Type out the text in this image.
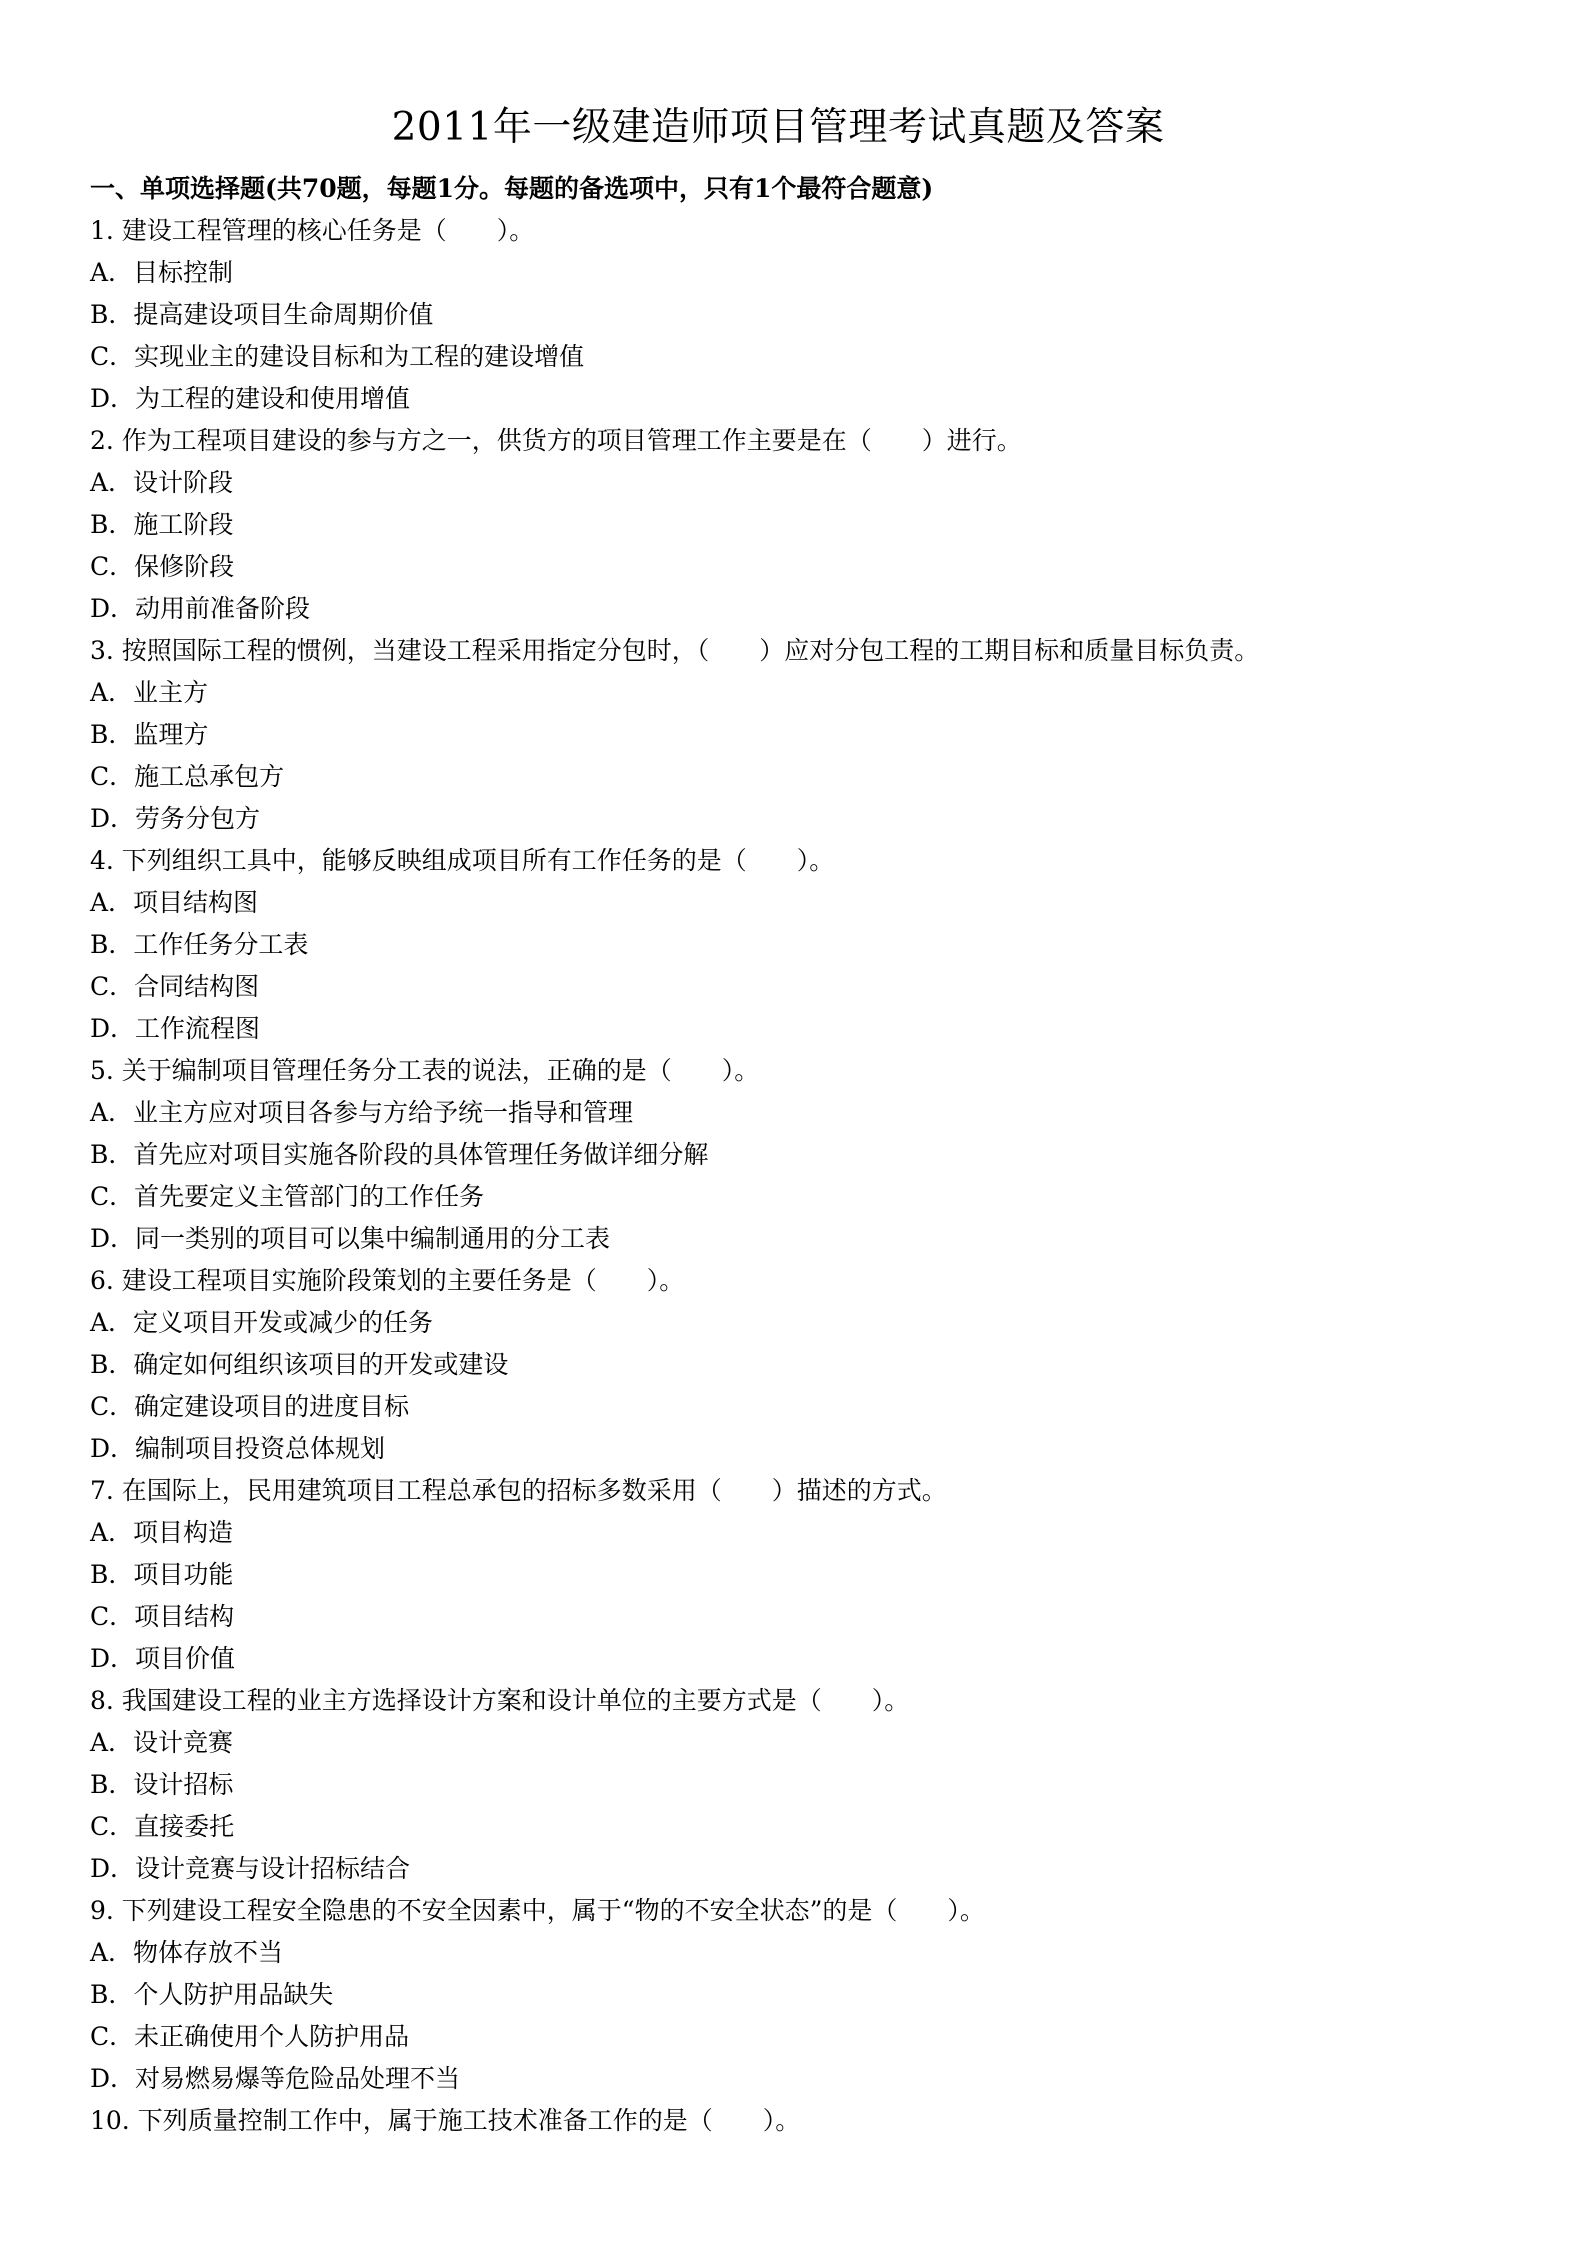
2011年一级建造师项目管理考试真题及答案
一、单项选择题(共70题，每题1分。每题的备选项中，只有1个最符合题意)
1. 建设工程管理的核心任务是（　　）。
A．目标控制
B．提高建设项目生命周期价值
C．实现业主的建设目标和为工程的建设增值
D．为工程的建设和使用增值
2. 作为工程项目建设的参与方之一，供货方的项目管理工作主要是在（　　）进行。
A．设计阶段
B．施工阶段
C．保修阶段
D．动用前准备阶段
3. 按照国际工程的惯例，当建设工程采用指定分包时，（　　）应对分包工程的工期目标和质量目标负责。
A．业主方
B．监理方
C．施工总承包方
D．劳务分包方
4. 下列组织工具中，能够反映组成项目所有工作任务的是（　　）。
A．项目结构图
B．工作任务分工表
C．合同结构图
D．工作流程图
5. 关于编制项目管理任务分工表的说法，正确的是（　　）。
A．业主方应对项目各参与方给予统一指导和管理
B．首先应对项目实施各阶段的具体管理任务做详细分解
C．首先要定义主管部门的工作任务
D．同一类别的项目可以集中编制通用的分工表
6. 建设工程项目实施阶段策划的主要任务是（　　）。
A．定义项目开发或减少的任务
B．确定如何组织该项目的开发或建设
C．确定建设项目的进度目标
D．编制项目投资总体规划
7. 在国际上，民用建筑项目工程总承包的招标多数采用（　　）描述的方式。
A．项目构造
B．项目功能
C．项目结构
D．项目价值
8. 我国建设工程的业主方选择设计方案和设计单位的主要方式是（　　）。
A．设计竞赛
B．设计招标
C．直接委托
D．设计竞赛与设计招标结合
9. 下列建设工程安全隐患的不安全因素中，属于“物的不安全状态”的是（　　）。
A．物体存放不当
B．个人防护用品缺失
C．未正确使用个人防护用品
D．对易燃易爆等危险品处理不当
10. 下列质量控制工作中，属于施工技术准备工作的是（　　）。
